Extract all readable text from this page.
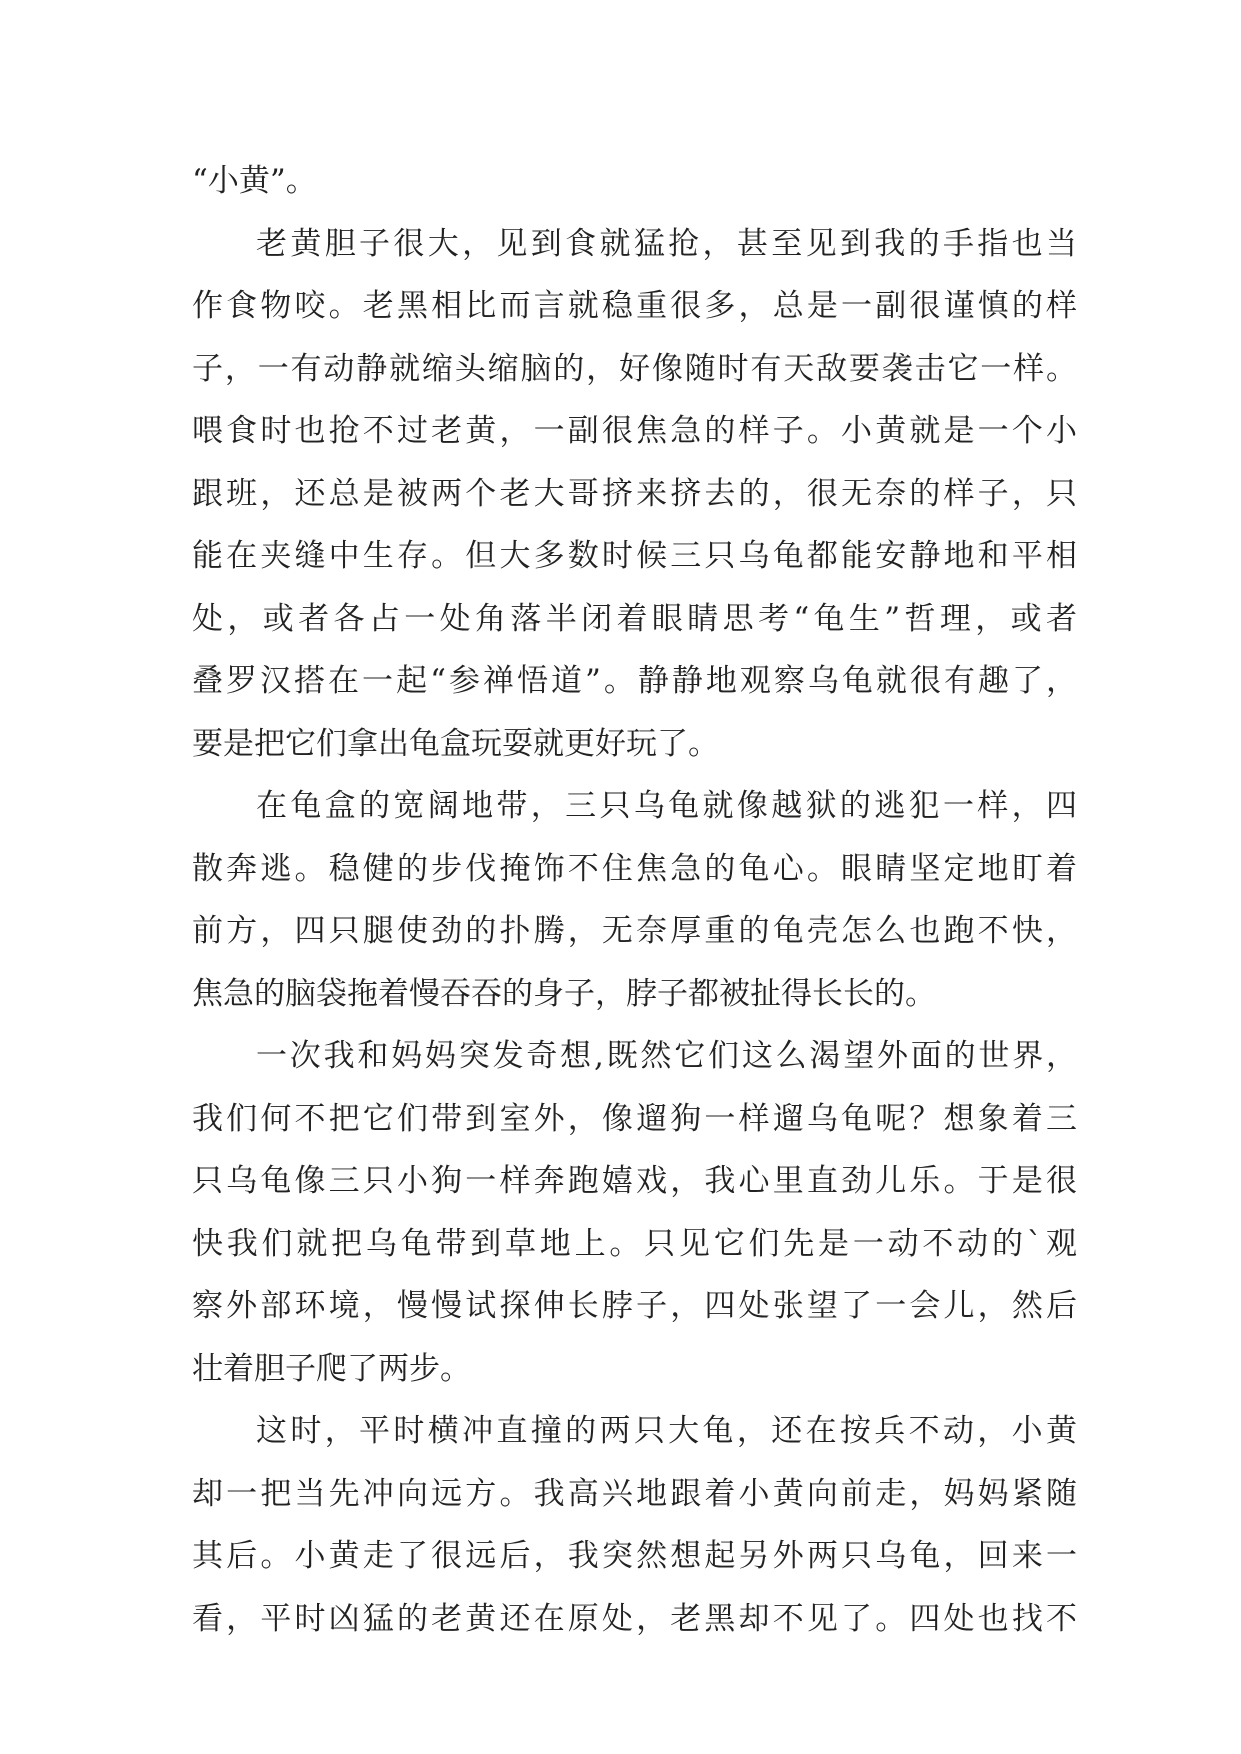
“小黄”。
老黄胆子很大，见到食就猛抢，甚至见到我的手指也当
作食物咬。老黑相比而言就稳重很多，总是一副很谨慎的样
子，一有动静就缩头缩脑的，好像随时有天敌要袭击它一样。
喂食时也抢不过老黄，一副很焦急的样子。小黄就是一个小
跟班，还总是被两个老大哥挤来挤去的，很无奈的样子，只
能在夹缝中生存。但大多数时候三只乌龟都能安静地和平相
处，或者各占一处角落半闭着眼睛思考“龟生”哲理，或者
叠罗汉搭在一起“参禅悟道”。静静地观察乌龟就很有趣了，
要是把它们拿出龟盒玩耍就更好玩了。
在龟盒的宽阔地带，三只乌龟就像越狱的逃犯一样，四
散奔逃。稳健的步伐掩饰不住焦急的龟心。眼睛坚定地盯着
前方，四只腿使劲的扑腾，无奈厚重的龟壳怎么也跑不快，
焦急的脑袋拖着慢吞吞的身子，脖子都被扯得长长的。
一次我和妈妈突发奇想,既然它们这么渴望外面的世界，
我们何不把它们带到室外，像遛狗一样遛乌龟呢？想象着三
只乌龟像三只小狗一样奔跑嬉戏，我心里直劲儿乐。于是很
快我们就把乌龟带到草地上。只见它们先是一动不动的`观
察外部环境，慢慢试探伸长脖子，四处张望了一会儿，然后
壮着胆子爬了两步。
这时，平时横冲直撞的两只大龟，还在按兵不动，小黄
却一把当先冲向远方。我高兴地跟着小黄向前走，妈妈紧随
其后。小黄走了很远后，我突然想起另外两只乌龟，回来一
看，平时凶猛的老黄还在原处，老黑却不见了。四处也找不
